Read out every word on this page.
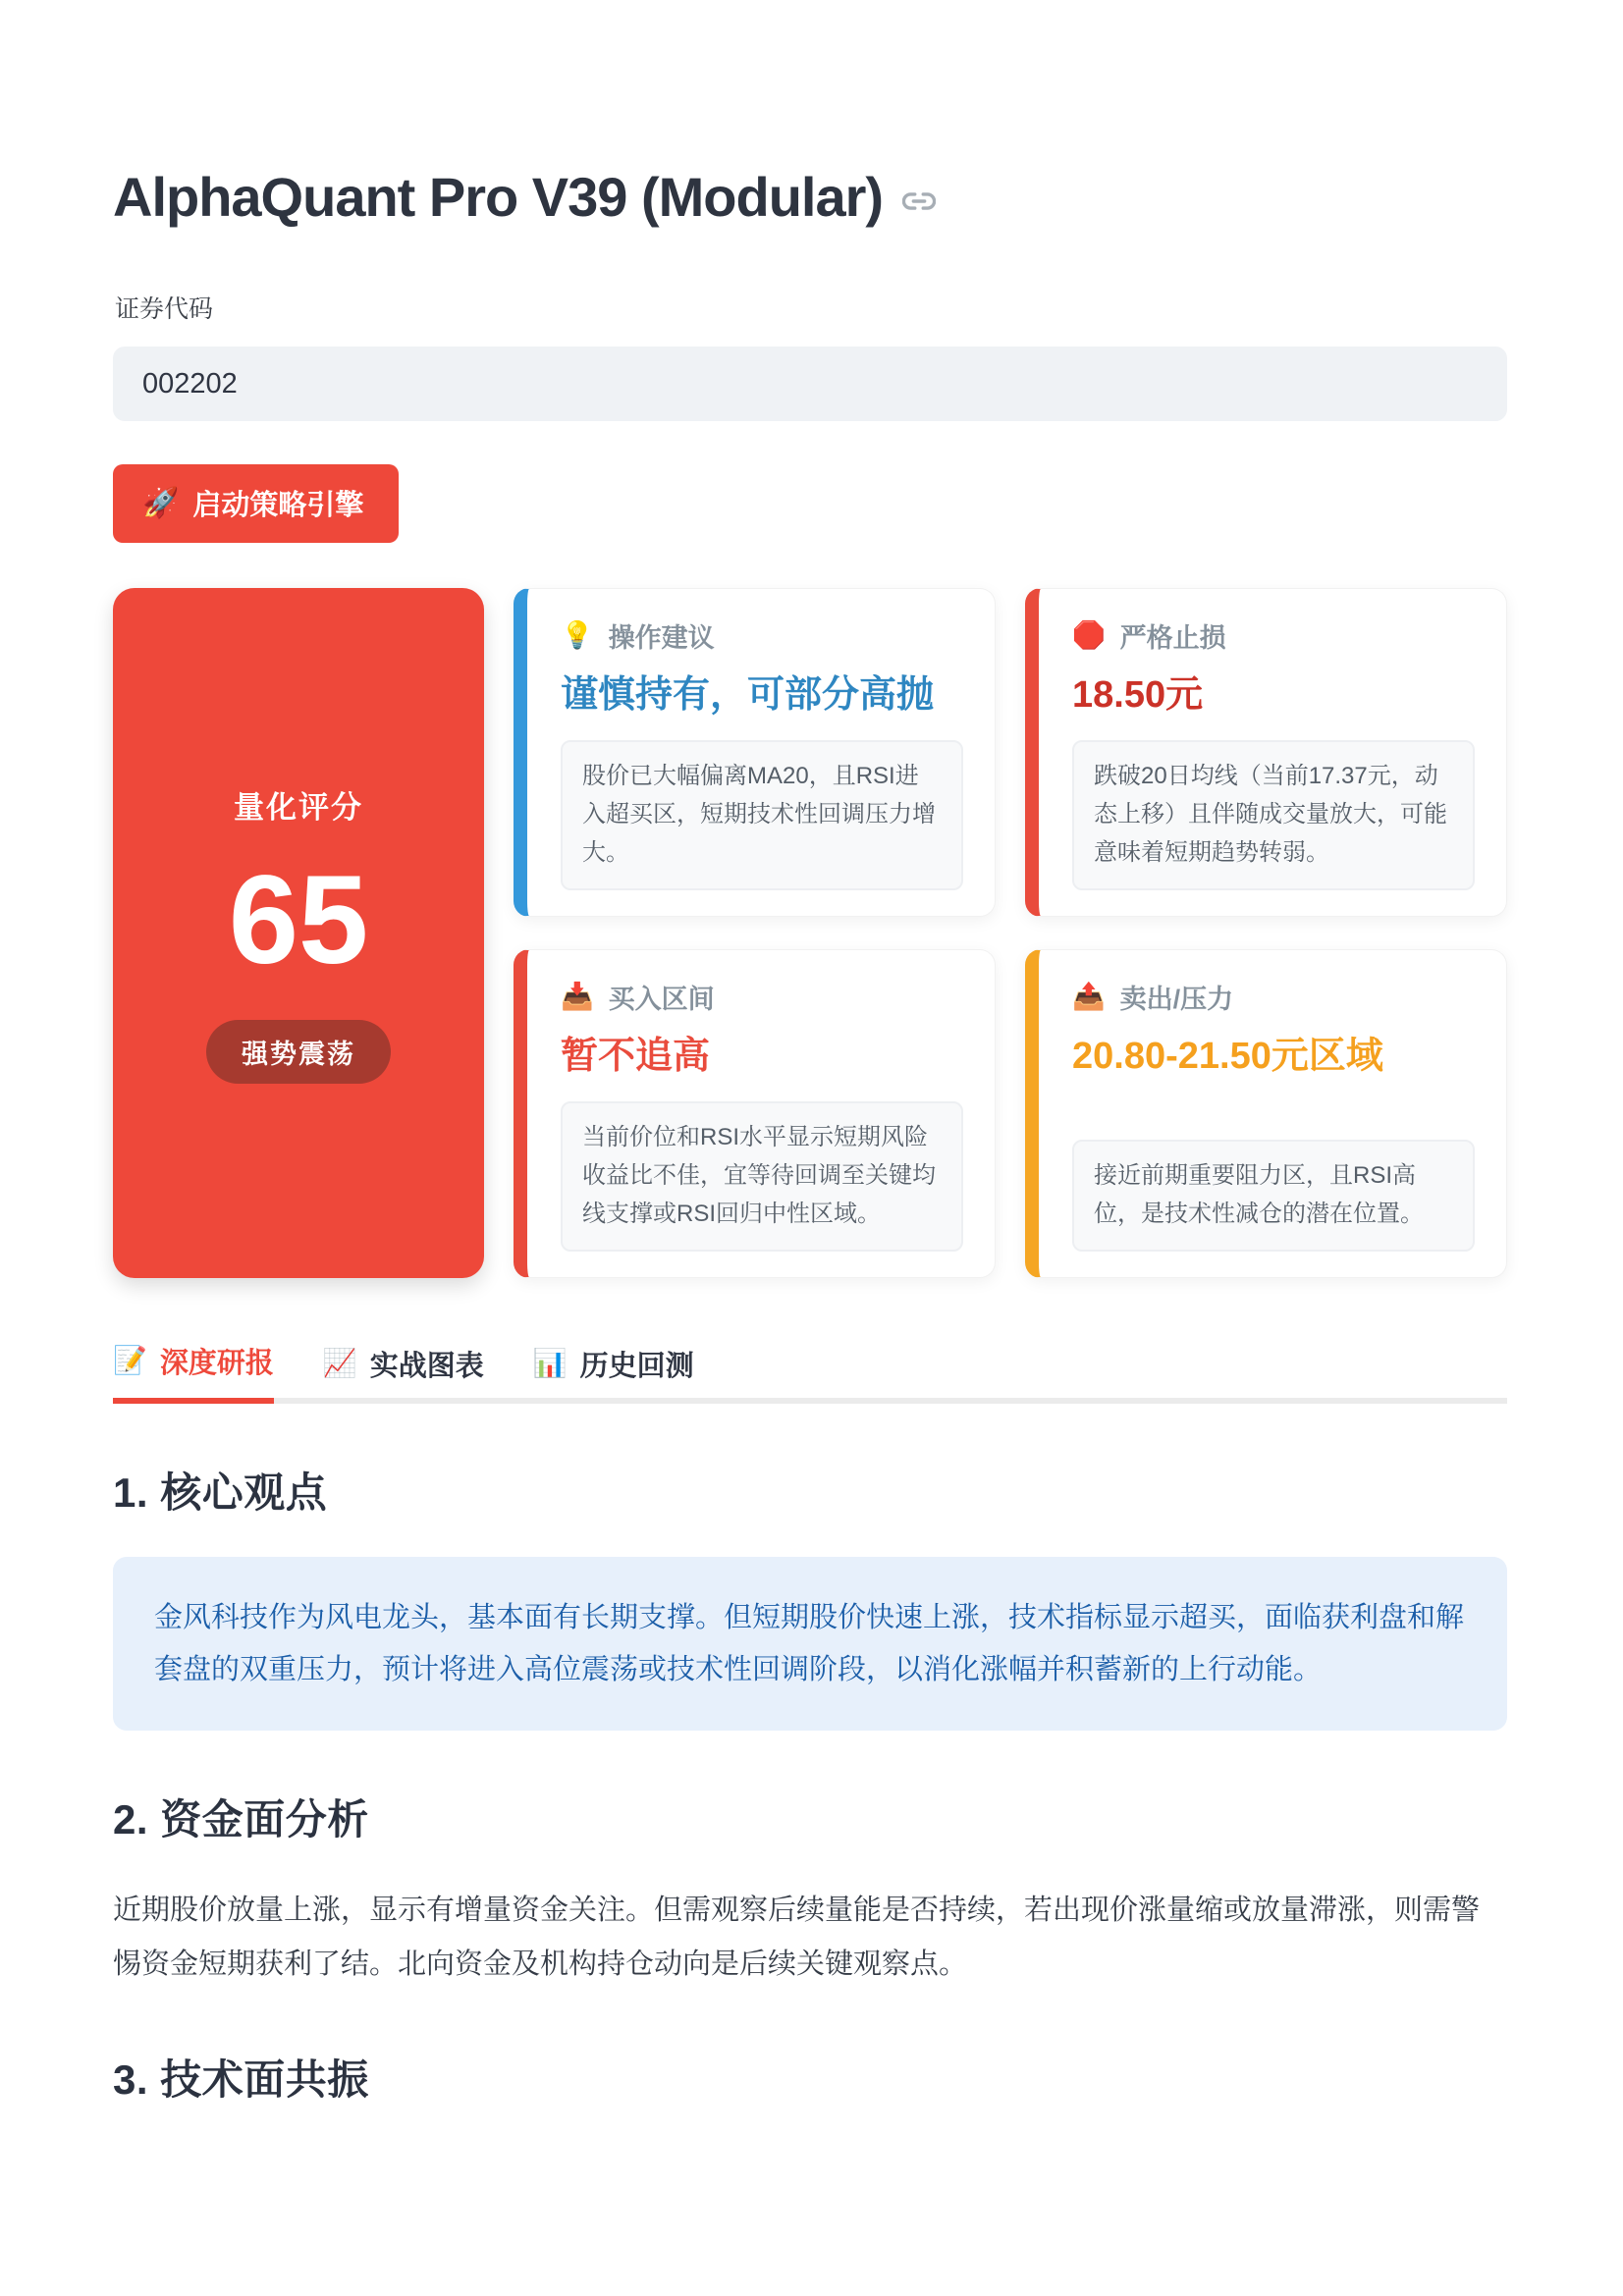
AlphaQuant Pro V39 (Modular)
证券代码
002202

🚀 启动策略引擎
量化评分
65
强势震荡
💡 操作建议
谨慎持有，可部分高抛
股价已大幅偏离MA20，且RSI进入超买区，短期技术性回调压力增大。
🛑 严格止损
18.50元
跌破20日均线（当前17.37元，动态上移）且伴随成交量放大，可能意味着短期趋势转弱。
📥 买入区间
暂不追高
当前价位和RSI水平显示短期风险收益比不佳，宜等待回调至关键均线支撑或RSI回归中性区域。
📤 卖出/压力
20.80-21.50元区域
接近前期重要阻力区，且RSI高位，是技术性减仓的潜在位置。
📝 深度研报 📈 实战图表 📊 历史回测
1. 核心观点
金风科技作为风电龙头，基本面有长期支撑。但短期股价快速上涨，技术指标显示超买，面临获利盘和解套盘的双重压力，预计将进入高位震荡或技术性回调阶段，以消化涨幅并积蓄新的上行动能。
2. 资金面分析

近期股价放量上涨，显示有增量资金关注。但需观察后续量能是否持续，若出现价涨量缩或放量滞涨，则需警惕资金短期获利了结。北向资金及机构持仓动向是后续关键观察点。

3. 技术面共振
